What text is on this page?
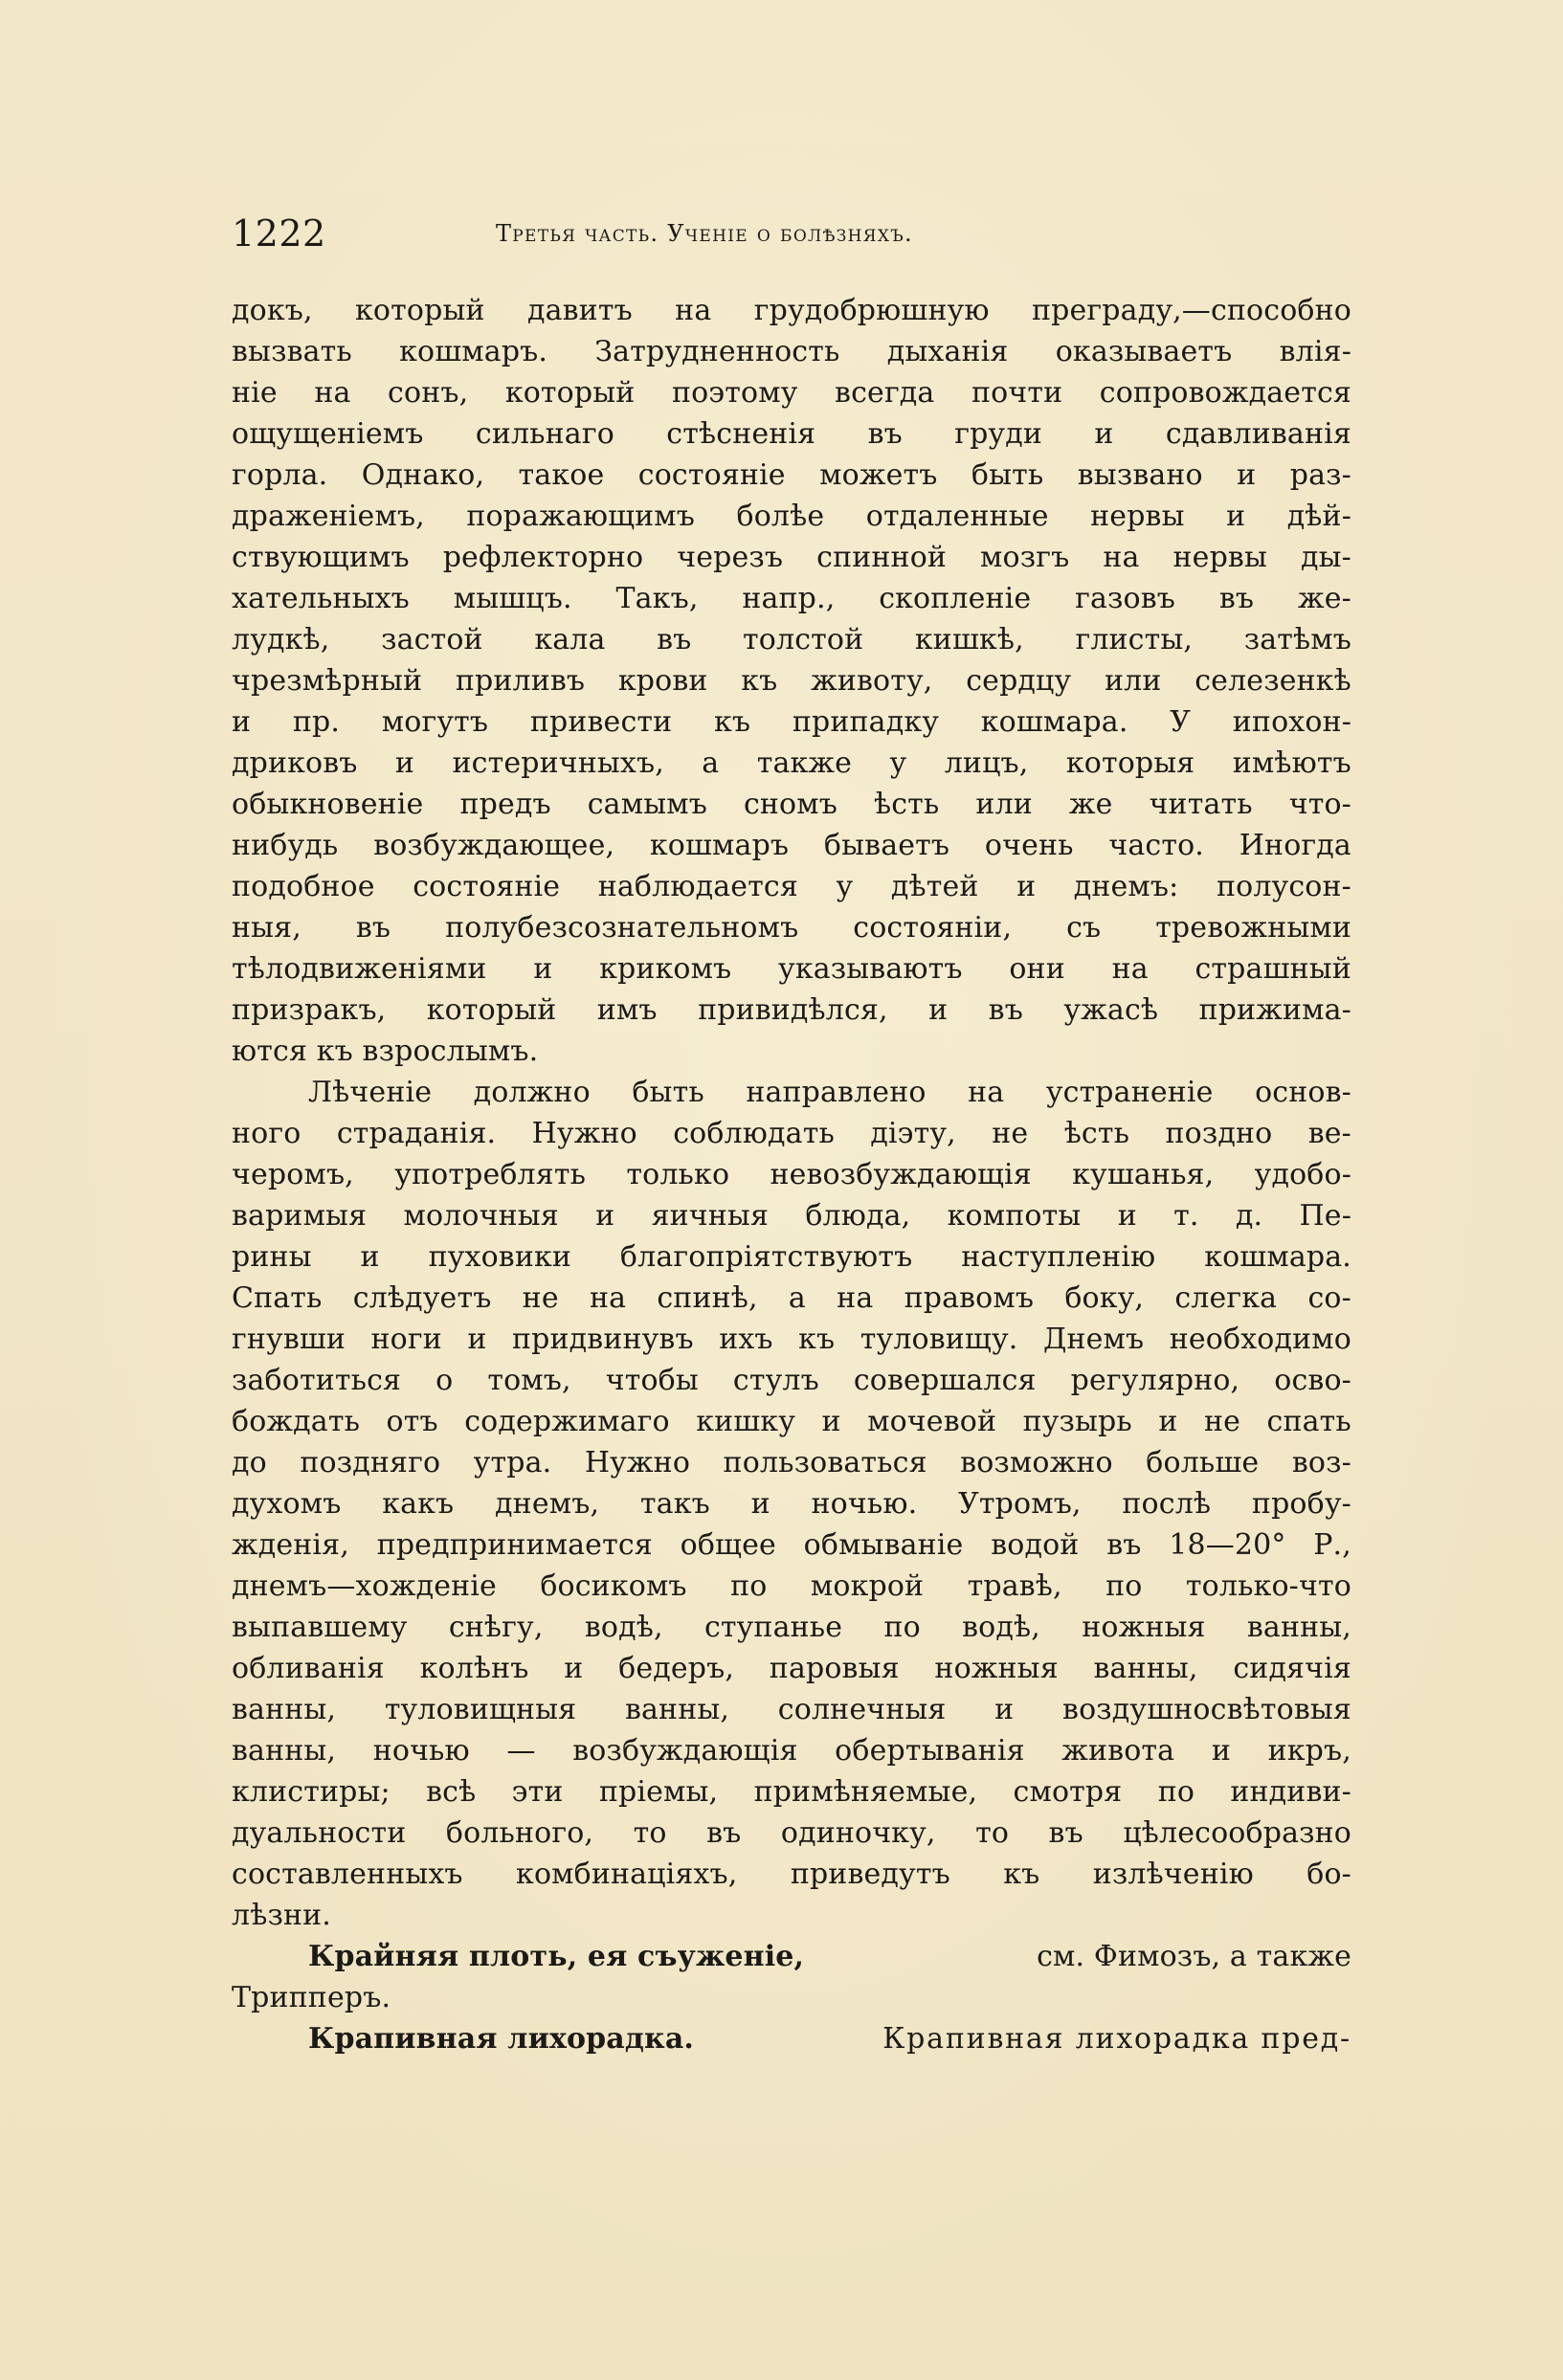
1222	Третья часть. Ученiе о болѣзняхъ.
докъ, который давитъ на грудобрюшную преграду,—способно
вызвать кошмаръ. Затрудненность дыханія оказываетъ влія-
ніе на сонъ, который поэтому всегда почти сопровождается
ощущеніемъ сильнаго стѣсненія въ груди и сдавливанія
горла. Однако, такое состояніе можетъ быть вызвано и раз-
драженіемъ, поражающимъ болѣе отдаленные нервы и дѣй-
ствующимъ рефлекторно черезъ спинной мозгъ на нервы ды-
хательныхъ мышцъ. Такъ, напр., скопленіе газовъ въ же-
лудкѣ, застой кала въ толстой кишкѣ, глисты, затѣмъ
чрезмѣрный приливъ крови къ животу, сердцу или селезенкѣ
и пр. могутъ привести къ припадку кошмара. У ипохон-
дриковъ и истеричныхъ, а также у лицъ, которыя имѣютъ
обыкновеніе предъ самымъ сномъ ѣсть или же читать что-
нибудь возбуждающее, кошмаръ бываетъ очень часто. Иногда
подобное состояніе наблюдается у дѣтей и днемъ: полусон-
ныя, въ полубезсознательномъ состояніи, съ тревожными
тѣлодвиженіями и крикомъ указываютъ они на страшный
призракъ, который имъ привидѣлся, и въ ужасѣ прижима-
ются къ взрослымъ.
Лѣченіе должно быть направлено на устраненіе основ-
ного страданія. Нужно соблюдать діэту, не ѣсть поздно ве-
черомъ, употреблять только невозбуждающія кушанья, удобо-
варимыя молочныя и яичныя блюда, компоты и т. д. Пе-
рины и пуховики благопріятствуютъ наступленію кошмара.
Спать слѣдуетъ не на спинѣ, а на правомъ боку, слегка со-
гнувши ноги и придвинувъ ихъ къ туловищу. Днемъ необходимо
заботиться о томъ, чтобы стулъ совершался регулярно, осво-
бождать отъ содержимаго кишку и мочевой пузырь и не спать
до поздняго утра. Нужно пользоваться возможно больше воз-
духомъ какъ днемъ, такъ и ночью. Утромъ, послѣ пробу-
жденія, предпринимается общее обмываніе водой въ 18—20° Р.,
днемъ—хожденіе босикомъ по мокрой травѣ, по только-что
выпавшему снѣгу, водѣ, ступанье по водѣ, ножныя ванны,
обливанія колѣнъ и бедеръ, паровыя ножныя ванны, сидячія
ванны, туловищныя ванны, солнечныя и воздушносвѣтовыя
ванны, ночью — возбуждающія обертыванія живота и икръ,
клистиры; всѣ эти пріемы, примѣняемые, смотря по индиви-
дуальности больного, то въ одиночку, то въ цѣлесообразно
составленныхъ комбинаціяхъ, приведутъ къ излѣченію бо-
лѣзни.
Крайняя плоть, ея съуженіе,	см. Фимозъ, а также
Трипперъ.
Крапивная лихорадка.	Крапивная лихорадка пред-
